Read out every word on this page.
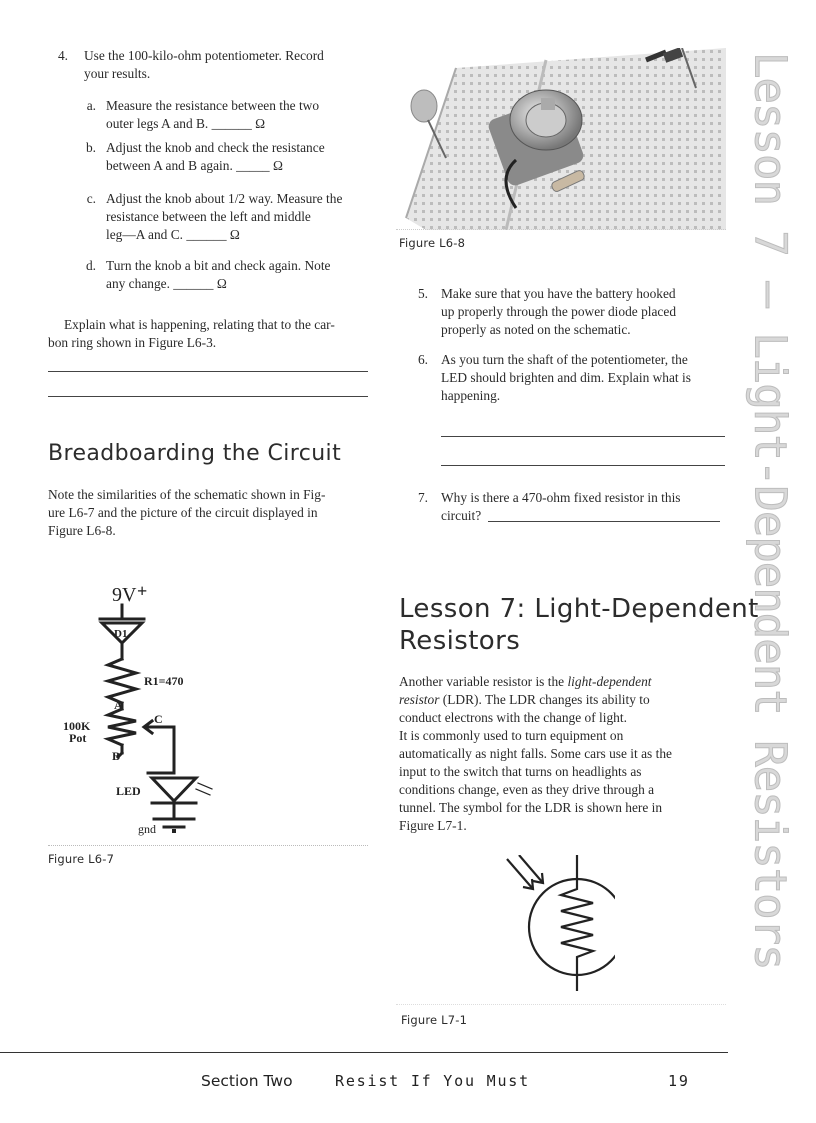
4. Use the 100-kilo-ohm potentiometer. Record
your results.
a. Measure the resistance between the two
outer legs A and B. ______ Ω
b. Adjust the knob and check the resistance
between A and B again. _____ Ω
c. Adjust the knob about 1/2 way. Measure the
resistance between the left and middle
leg—A and C. ______ Ω
d. Turn the knob a bit and check again. Note
any change. ______ Ω
Explain what is happening, relating that to the car-
bon ring shown in Figure L6-3.
Breadboarding the Circuit
Note the similarities of the schematic shown in Fig-
ure L6-7 and the picture of the circuit displayed in
Figure L6-8.
9V +
D1
R1=470
A
C
B
100K
Pot
LED
gnd
Figure L6-7
Figure L6-8
5. Make sure that you have the battery hooked
up properly through the power diode placed
properly as noted on the schematic.
6. As you turn the shaft of the potentiometer, the
LED should brighten and dim. Explain what is
happening.
7. Why is there a 470-ohm fixed resistor in this
circuit?
Lesson 7: Light-Dependent
Resistors
Another variable resistor is the light-dependent
resistor (LDR). The LDR changes its ability to
conduct electrons with the change of light.
It is commonly used to turn equipment on
automatically as night falls. Some cars use it as the
input to the switch that turns on headlights as
conditions change, even as they drive through a
tunnel. The symbol for the LDR is shown here in
Figure L7-1.
Figure L7-1
Lesson 7 — Light-Dependent Resistors
Section Two	Resist If You Must	19
